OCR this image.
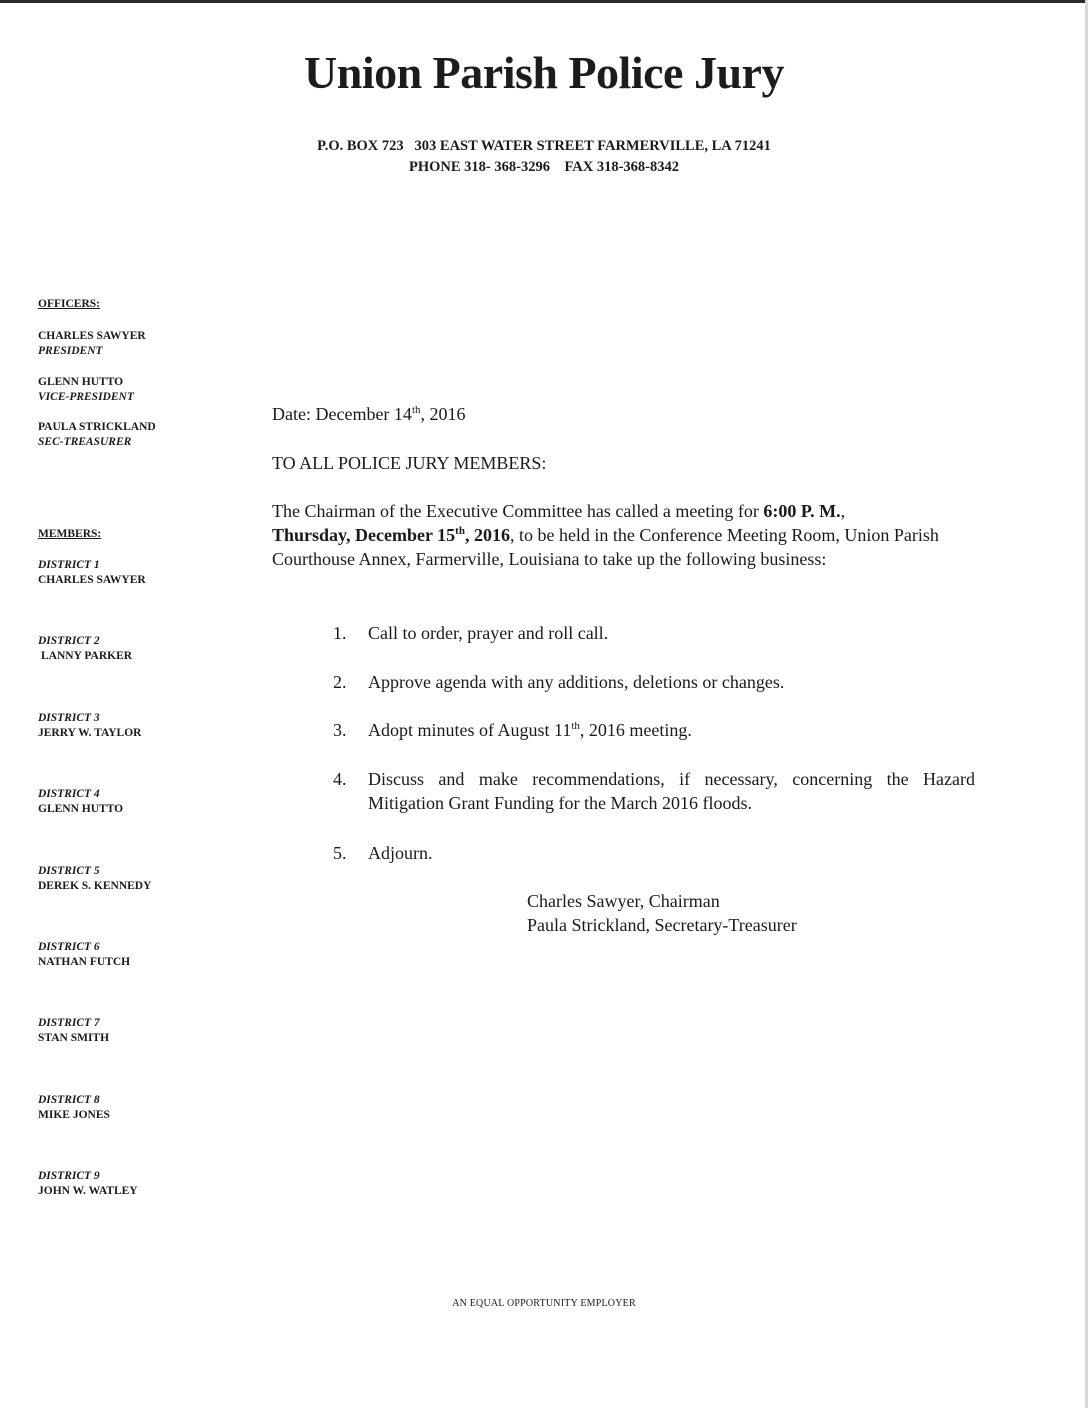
Union Parish Police Jury
P.O. BOX 723   303 EAST WATER STREET FARMERVILLE, LA 71241
PHONE 318- 368-3296    FAX 318-368-8342
OFFICERS:
CHARLES SAWYER
PRESIDENT
GLENN HUTTO
VICE-PRESIDENT
PAULA STRICKLAND
SEC-TREASURER
MEMBERS:
DISTRICT 1
CHARLES SAWYER
DISTRICT 2
LANNY PARKER
DISTRICT 3
JERRY W. TAYLOR
DISTRICT 4
GLENN HUTTO
DISTRICT 5
DEREK S. KENNEDY
DISTRICT 6
NATHAN FUTCH
DISTRICT 7
STAN SMITH
DISTRICT 8
MIKE JONES
DISTRICT 9
JOHN W. WATLEY
Date: December 14th, 2016
TO ALL POLICE JURY MEMBERS:
The Chairman of the Executive Committee has called a meeting for 6:00 P. M.,
Thursday, December 15th, 2016, to be held in the Conference Meeting Room, Union Parish Courthouse Annex, Farmerville, Louisiana to take up the following business:
1. Call to order, prayer and roll call.
2. Approve agenda with any additions, deletions or changes.
3. Adopt minutes of August 11th, 2016 meeting.
4. Discuss and make recommendations, if necessary, concerning the Hazard Mitigation Grant Funding for the March 2016 floods.
5. Adjourn.
Charles Sawyer, Chairman
Paula Strickland, Secretary-Treasurer
AN EQUAL OPPORTUNITY EMPLOYER
